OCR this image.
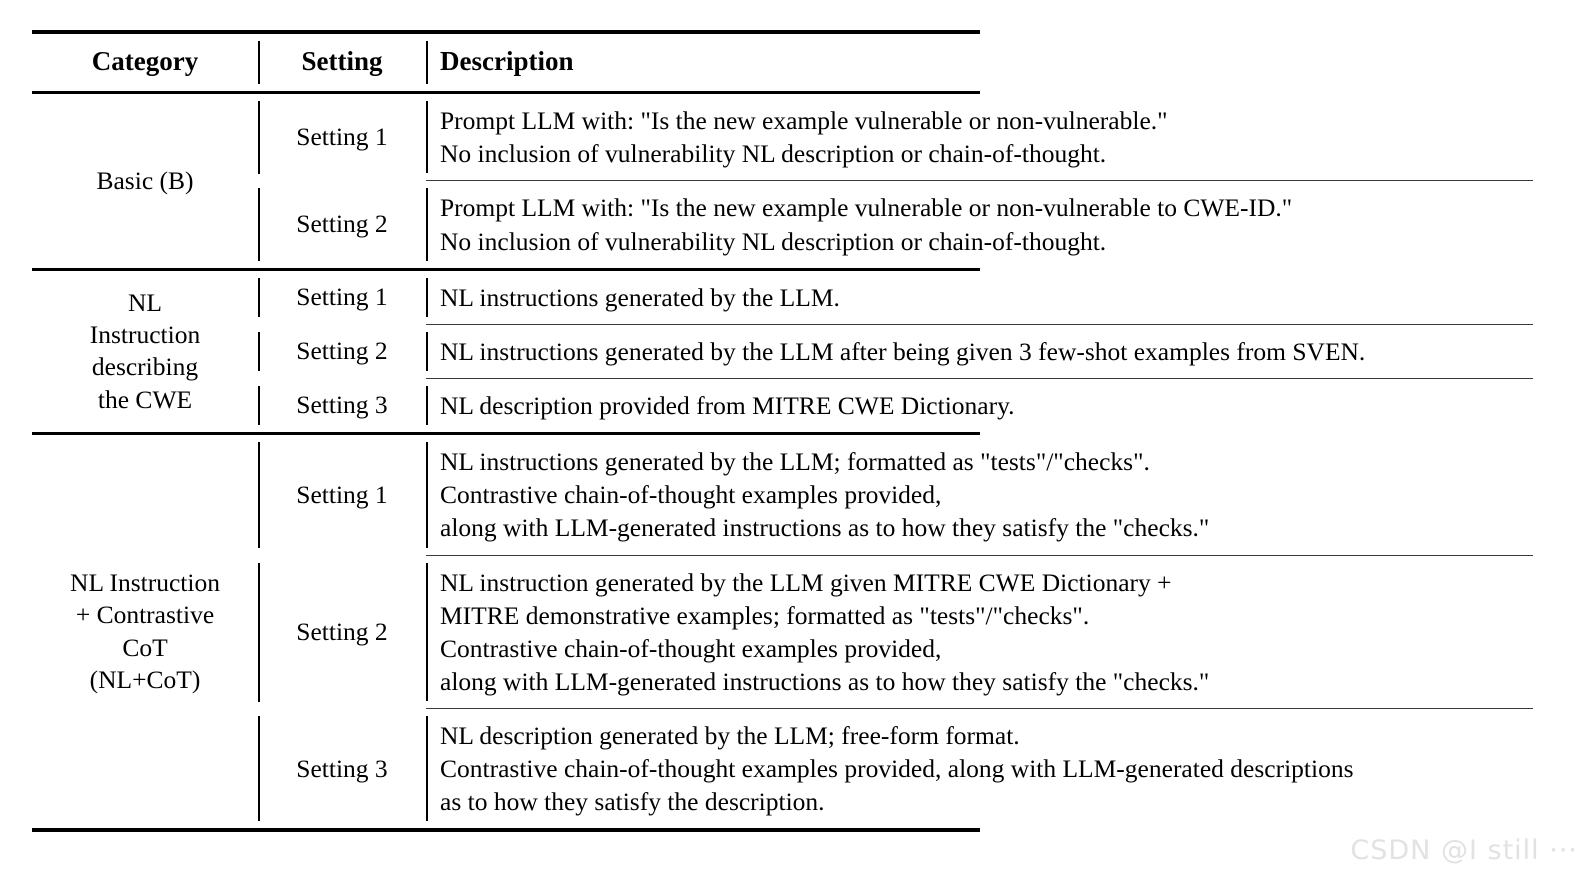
Category	Setting	Description	

Basic (B)	Setting 1	Prompt LLM with: "Is the new example vulnerable or non-vulnerable."
No inclusion of vulnerability NL description or chain-of-thought.	

	Setting 2	Prompt LLM with: "Is the new example vulnerable or non-vulnerable to CWE-ID."
No inclusion of vulnerability NL description or chain-of-thought.	

NL
Instruction
describing
the CWE	Setting 1	NL instructions generated by the LLM.	

	Setting 2	NL instructions generated by the LLM after being given 3 few-shot examples from SVEN.	

	Setting 3	NL description provided from MITRE CWE Dictionary.	

NL Instruction
+ Contrastive
CoT
(NL+CoT)	Setting 1	NL instructions generated by the LLM; formatted as "tests"/"checks".
Contrastive chain-of-thought examples provided,
along with LLM-generated instructions as to how they satisfy the "checks."	

	Setting 2	NL instruction generated by the LLM given MITRE CWE Dictionary +
MITRE demonstrative examples; formatted as "tests"/"checks".
Contrastive chain-of-thought examples provided,
along with LLM-generated instructions as to how they satisfy the "checks."	

	Setting 3	NL description generated by the LLM; free-form format.
Contrastive chain-of-thought examples provided, along with LLM-generated descriptions
as to how they satisfy the description.	

CSDN @I still ···
